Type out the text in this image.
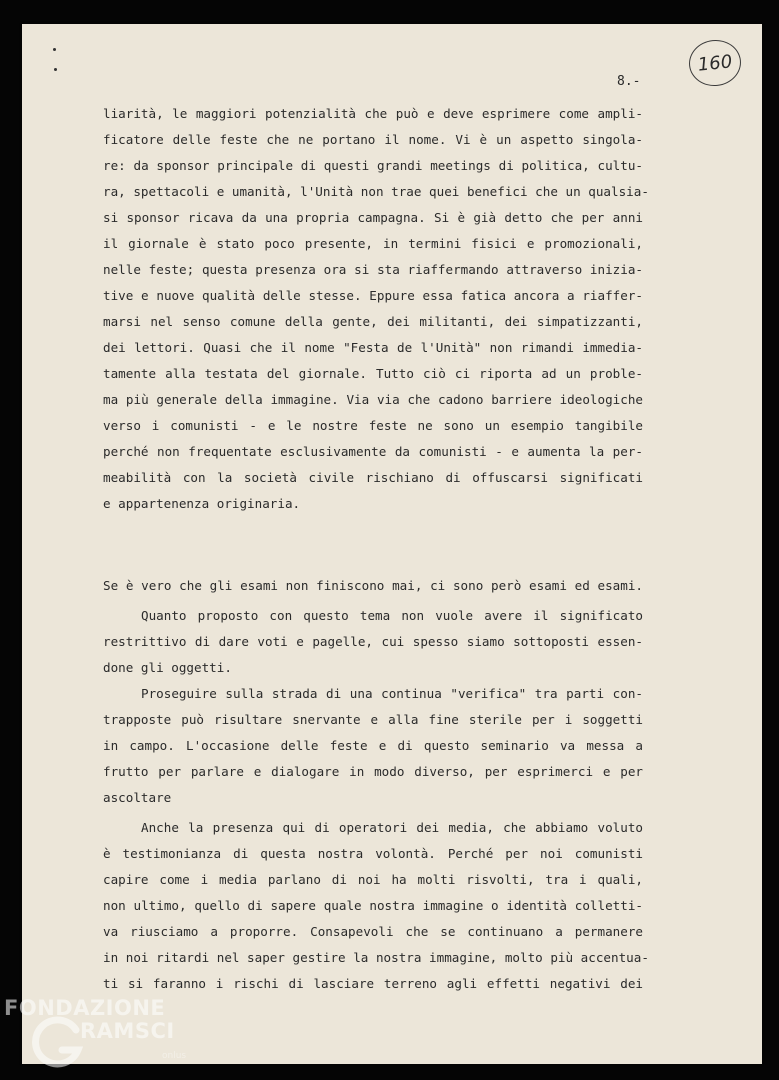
8.-
160
liarità, le maggiori potenzialità che può e deve esprimere come ampli-
ficatore delle feste che ne portano il nome. Vi è un aspetto singola-
re: da sponsor principale di questi grandi meetings di politica, cultu-
ra, spettacoli e umanità, l'Unità non trae quei benefici che un qualsia-
si sponsor ricava da una propria campagna. Si è già detto che per anni
il giornale è stato poco presente, in termini fisici e promozionali,
nelle feste; questa presenza ora si sta riaffermando attraverso inizia-
tive e nuove qualità delle stesse. Eppure essa fatica ancora a riaffer-
marsi nel senso comune della gente, dei militanti, dei simpatizzanti,
dei lettori. Quasi che il nome "Festa de l'Unità" non rimandi immedia-
tamente alla testata del giornale. Tutto ciò ci riporta ad un proble-
ma più generale della immagine. Via via che cadono barriere ideologiche
verso i comunisti - e le nostre feste ne sono un esempio tangibile
perché non frequentate esclusivamente da comunisti - e aumenta la per-
meabilità con la società civile rischiano di offuscarsi significati
e appartenenza originaria.
Se è vero che gli esami non finiscono mai, ci sono però esami ed esami.
Quanto proposto con questo tema non vuole avere il significato
restrittivo di dare voti e pagelle, cui spesso siamo sottoposti essen-
done gli oggetti.
Proseguire sulla strada di una continua "verifica" tra parti con-
trapposte può risultare snervante e alla fine sterile per i soggetti
in campo. L'occasione delle feste e di questo seminario va messa a
frutto per parlare e dialogare in modo diverso, per esprimerci e per
ascoltare
Anche la presenza qui di operatori dei media, che abbiamo voluto
è testimonianza di questa nostra volontà. Perché per noi comunisti
capire come i media parlano di noi ha molti risvolti, tra i quali,
non ultimo, quello di sapere quale nostra immagine o identità colletti-
va riusciamo a proporre. Consapevoli che se continuano a permanere
in noi ritardi nel saper gestire la nostra immagine, molto più accentua-
ti si faranno i rischi di lasciare terreno agli effetti negativi dei
FONDAZIONE
RAMSCI
onlus
